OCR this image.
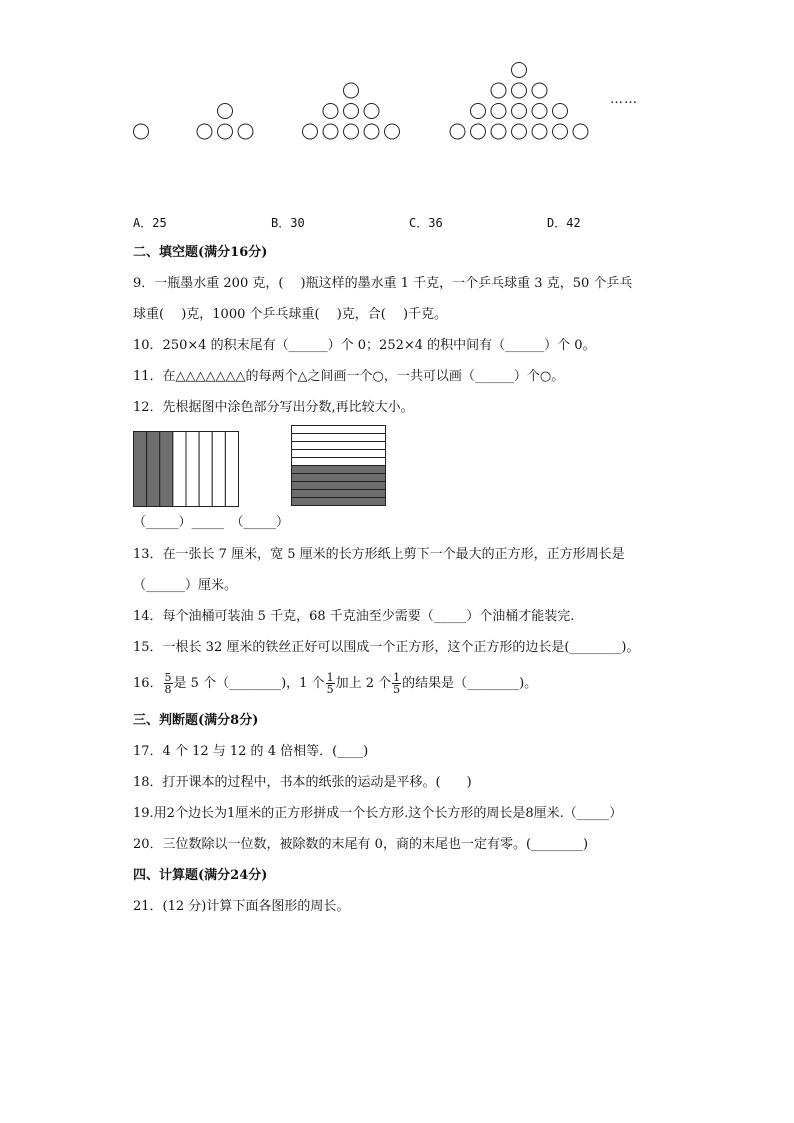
……
A．25	B．30	C．36	D．42
二、填空题(满分16分)
9．一瓶墨水重 200 克，(　 )瓶这样的墨水重 1 千克，一个乒乓球重 3 克，50 个乒乓
球重(　 )克，1000 个乒乓球重(　 )克，合(　 )千克。
10．250×4 的积末尾有（______）个 0；252×4 的积中间有（______）个 0。
11．在△△△△△△△的每两个△之间画一个○，一共可以画（______）个○。
12．先根据图中涂色部分写出分数,再比较大小。
（_____）_____　（_____）
13．在一张长 7 厘米，宽 5 厘米的长方形纸上剪下一个最大的正方形，正方形周长是
（______）厘米。
14．每个油桶可装油 5 千克，68 千克油至少需要（_____）个油桶才能装完.
15．一根长 32 厘米的铁丝正好可以围成一个正方形，这个正方形的边长是(________)。
16． $\frac{5}{8}$ 是 5 个（________)，1 个 $\frac{1}{5}$ 加上 2 个 $\frac{1}{5}$ 的结果是（________)。
三、判断题(满分8分)
17．4 个 12 与 12 的 4 倍相等．(____)
18．打开课本的过程中，书本的纸张的运动是平移。(　　)
19.用2个边长为1厘米的正方形拼成一个长方形.这个长方形的周长是8厘米.（_____）
20．三位数除以一位数，被除数的末尾有 0，商的末尾也一定有零。(________)
四、计算题(满分24分)
21．(12 分)计算下面各图形的周长。
